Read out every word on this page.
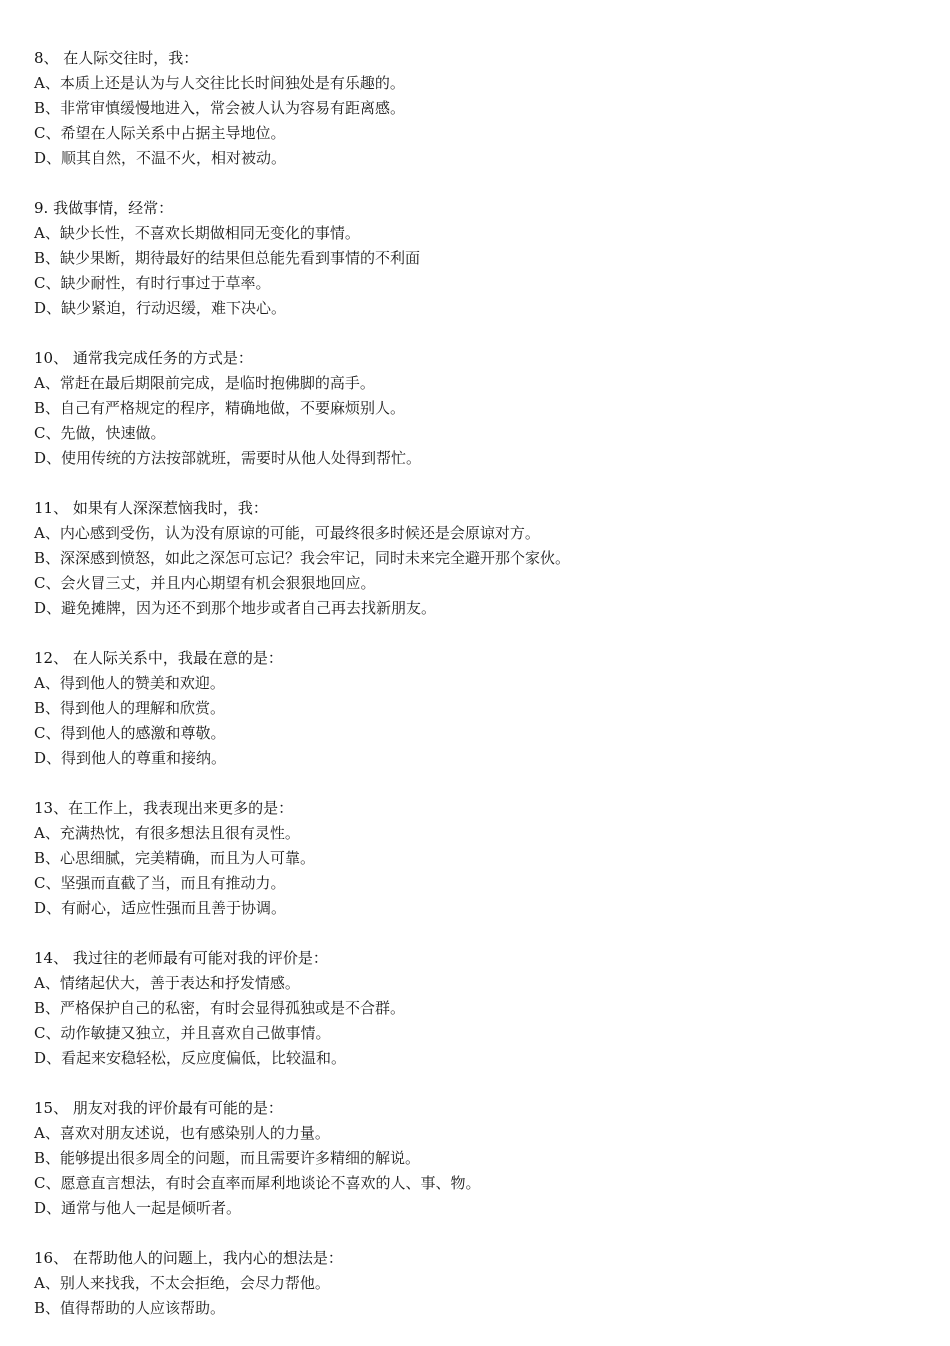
8、 在人际交往时，我：
A、本质上还是认为与人交往比长时间独处是有乐趣的。
B、非常审慎缓慢地进入，常会被人认为容易有距离感。
C、希望在人际关系中占据主导地位。
D、顺其自然，不温不火，相对被动。
9. 我做事情，经常：
A、缺少长性，不喜欢长期做相同无变化的事情。
B、缺少果断，期待最好的结果但总能先看到事情的不利面
C、缺少耐性，有时行事过于草率。
D、缺少紧迫，行动迟缓，难下决心。
10、 通常我完成任务的方式是：
A、常赶在最后期限前完成，是临时抱佛脚的高手。
B、自己有严格规定的程序，精确地做，不要麻烦别人。
C、先做，快速做。
D、使用传统的方法按部就班，需要时从他人处得到帮忙。
11、 如果有人深深惹恼我时，我：
A、内心感到受伤，认为没有原谅的可能，可最终很多时候还是会原谅对方。
B、深深感到愤怒，如此之深怎可忘记？我会牢记，同时未来完全避开那个家伙。
C、会火冒三丈，并且内心期望有机会狠狠地回应。
D、避免摊牌，因为还不到那个地步或者自己再去找新朋友。
12、 在人际关系中，我最在意的是：
A、得到他人的赞美和欢迎。
B、得到他人的理解和欣赏。
C、得到他人的感激和尊敬。
D、得到他人的尊重和接纳。
13、在工作上，我表现出来更多的是：
A、充满热忱，有很多想法且很有灵性。
B、心思细腻，完美精确，而且为人可靠。
C、坚强而直截了当，而且有推动力。
D、有耐心，适应性强而且善于协调。
14、 我过往的老师最有可能对我的评价是：
A、情绪起伏大，善于表达和抒发情感。
B、严格保护自己的私密，有时会显得孤独或是不合群。
C、动作敏捷又独立，并且喜欢自己做事情。
D、看起来安稳轻松，反应度偏低，比较温和。
15、 朋友对我的评价最有可能的是：
A、喜欢对朋友述说，也有感染别人的力量。
B、能够提出很多周全的问题，而且需要许多精细的解说。
C、愿意直言想法，有时会直率而犀利地谈论不喜欢的人、事、物。
D、通常与他人一起是倾听者。
16、 在帮助他人的问题上，我内心的想法是：
A、别人来找我，不太会拒绝，会尽力帮他。
B、值得帮助的人应该帮助。
